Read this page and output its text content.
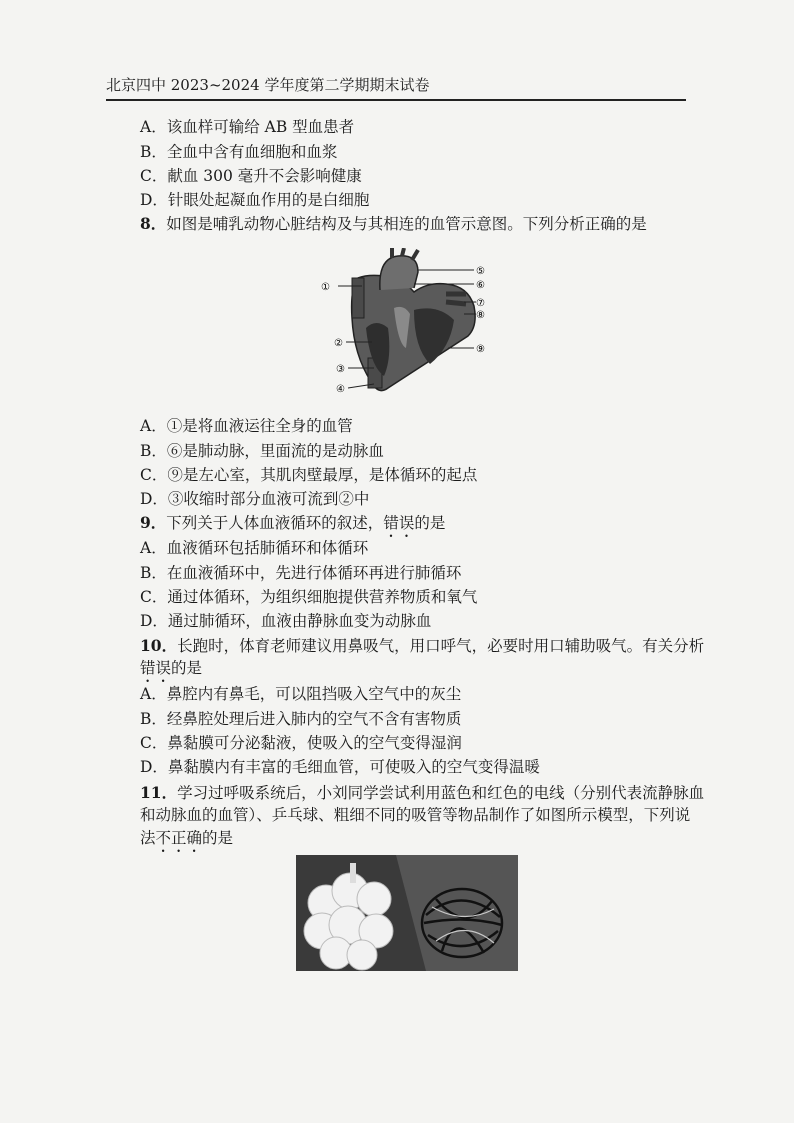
北京四中 2023~2024 学年度第二学期期末试卷
A．该血样可输给 AB 型血患者
B．全血中含有血细胞和血浆
C．献血 300 毫升不会影响健康
D．针眼处起凝血作用的是白细胞
8．如图是哺乳动物心脏结构及与其相连的血管示意图。下列分析正确的是
①
②
③
④
⑤
⑥
⑦
⑧
⑨
A．①是将血液运往全身的血管
B．⑥是肺动脉，里面流的是动脉血
C．⑨是左心室，其肌肉壁最厚，是体循环的起点
D．③收缩时部分血液可流到②中
9．下列关于人体血液循环的叙述，错误的是
A．血液循环包括肺循环和体循环
B．在血液循环中，先进行体循环再进行肺循环
C．通过体循环，为组织细胞提供营养物质和氧气
D．通过肺循环，血液由静脉血变为动脉血
10．长跑时，体育老师建议用鼻吸气，用口呼气，必要时用口辅助吸气。有关分析
错误的是
A．鼻腔内有鼻毛，可以阻挡吸入空气中的灰尘
B．经鼻腔处理后进入肺内的空气不含有害物质
C．鼻黏膜可分泌黏液，使吸入的空气变得湿润
D．鼻黏膜内有丰富的毛细血管，可使吸入的空气变得温暖
11．学习过呼吸系统后，小刘同学尝试利用蓝色和红色的电线（分别代表流静脉血
和动脉血的血管）、乒乓球、粗细不同的吸管等物品制作了如图所示模型，下列说
法不正确的是
